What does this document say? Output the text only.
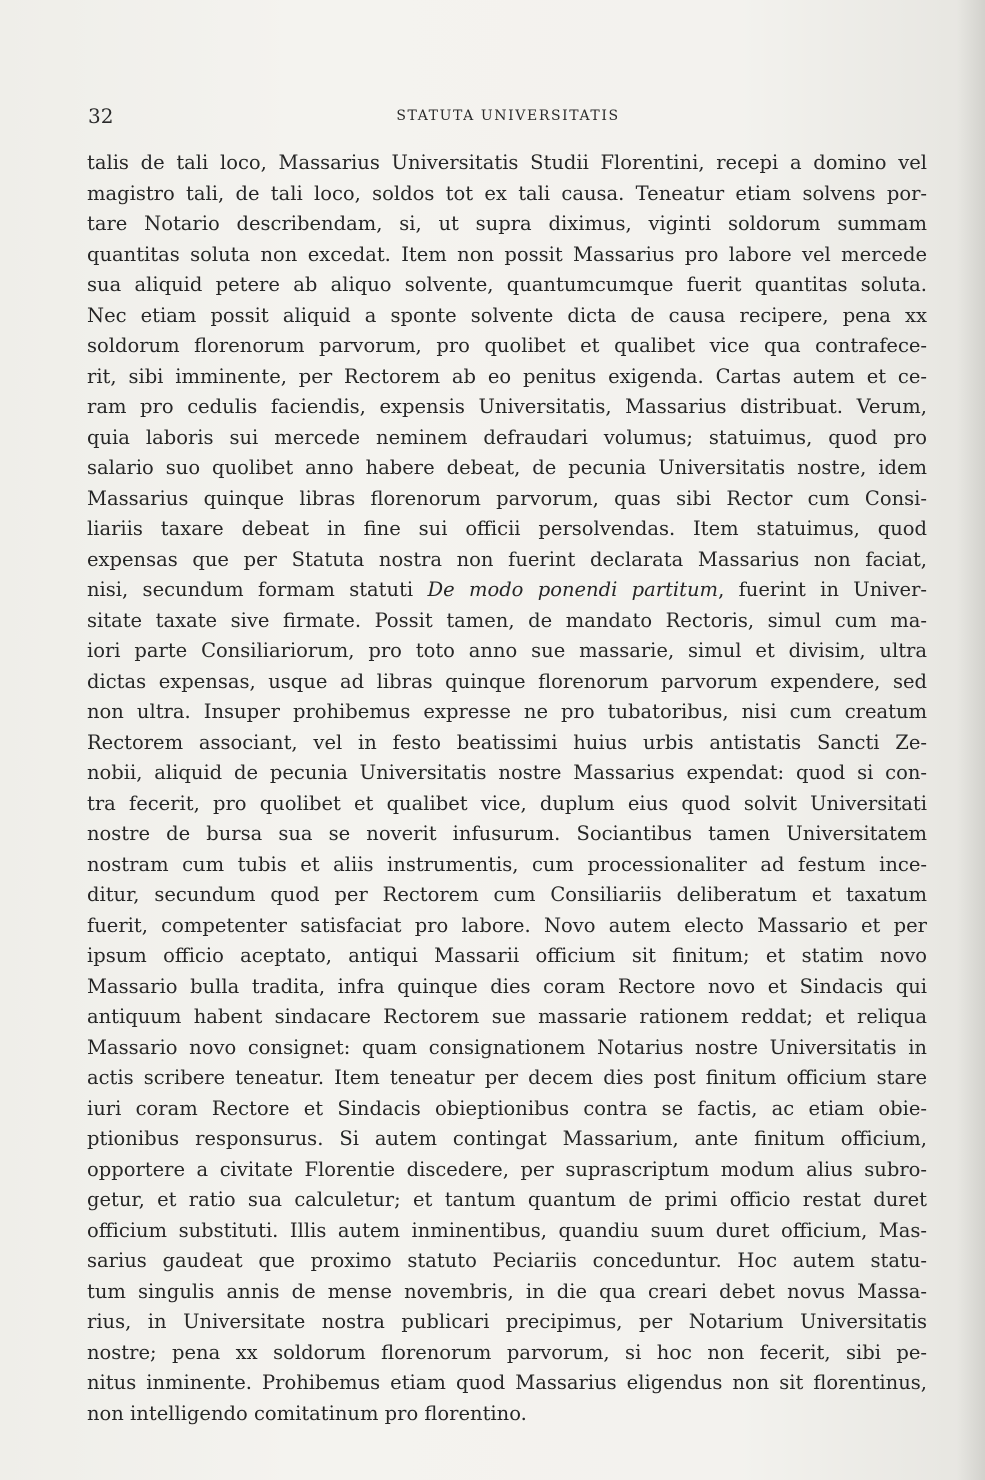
32	STATUTA UNIVERSITATIS
talis de tali loco, Massarius Universitatis Studii Florentini, recepi a domino vel
magistro tali, de tali loco, soldos tot ex tali causa. Teneatur etiam solvens por-
tare Notario describendam, si, ut supra diximus, viginti soldorum summam
quantitas soluta non excedat. Item non possit Massarius pro labore vel mercede
sua aliquid petere ab aliquo solvente, quantumcumque fuerit quantitas soluta.
Nec etiam possit aliquid a sponte solvente dicta de causa recipere, pena xx
soldorum florenorum parvorum, pro quolibet et qualibet vice qua contrafece-
rit, sibi imminente, per Rectorem ab eo penitus exigenda. Cartas autem et ce-
ram pro cedulis faciendis, expensis Universitatis, Massarius distribuat. Verum,
quia laboris sui mercede neminem defraudari volumus; statuimus, quod pro
salario suo quolibet anno habere debeat, de pecunia Universitatis nostre, idem
Massarius quinque libras florenorum parvorum, quas sibi Rector cum Consi-
liariis taxare debeat in fine sui officii persolvendas. Item statuimus, quod
expensas que per Statuta nostra non fuerint declarata Massarius non faciat,
nisi, secundum formam statuti De modo ponendi partitum, fuerint in Univer-
sitate taxate sive firmate. Possit tamen, de mandato Rectoris, simul cum ma-
iori parte Consiliariorum, pro toto anno sue massarie, simul et divisim, ultra
dictas expensas, usque ad libras quinque florenorum parvorum expendere, sed
non ultra. Insuper prohibemus expresse ne pro tubatoribus, nisi cum creatum
Rectorem associant, vel in festo beatissimi huius urbis antistatis Sancti Ze-
nobii, aliquid de pecunia Universitatis nostre Massarius expendat: quod si con-
tra fecerit, pro quolibet et qualibet vice, duplum eius quod solvit Universitati
nostre de bursa sua se noverit infusurum. Sociantibus tamen Universitatem
nostram cum tubis et aliis instrumentis, cum processionaliter ad festum ince-
ditur, secundum quod per Rectorem cum Consiliariis deliberatum et taxatum
fuerit, competenter satisfaciat pro labore. Novo autem electo Massario et per
ipsum officio aceptato, antiqui Massarii officium sit finitum; et statim novo
Massario bulla tradita, infra quinque dies coram Rectore novo et Sindacis qui
antiquum habent sindacare Rectorem sue massarie rationem reddat; et reliqua
Massario novo consignet: quam consignationem Notarius nostre Universitatis in
actis scribere teneatur. Item teneatur per decem dies post finitum officium stare
iuri coram Rectore et Sindacis obieptionibus contra se factis, ac etiam obie-
ptionibus responsurus. Si autem contingat Massarium, ante finitum officium,
opportere a civitate Florentie discedere, per suprascriptum modum alius subro-
getur, et ratio sua calculetur; et tantum quantum de primi officio restat duret
officium substituti. Illis autem inminentibus, quandiu suum duret officium, Mas-
sarius gaudeat que proximo statuto Peciariis conceduntur. Hoc autem statu-
tum singulis annis de mense novembris, in die qua creari debet novus Massa-
rius, in Universitate nostra publicari precipimus, per Notarium Universitatis
nostre; pena xx soldorum florenorum parvorum, si hoc non fecerit, sibi pe-
nitus inminente. Prohibemus etiam quod Massarius eligendus non sit florentinus,
non intelligendo comitatinum pro florentino.
